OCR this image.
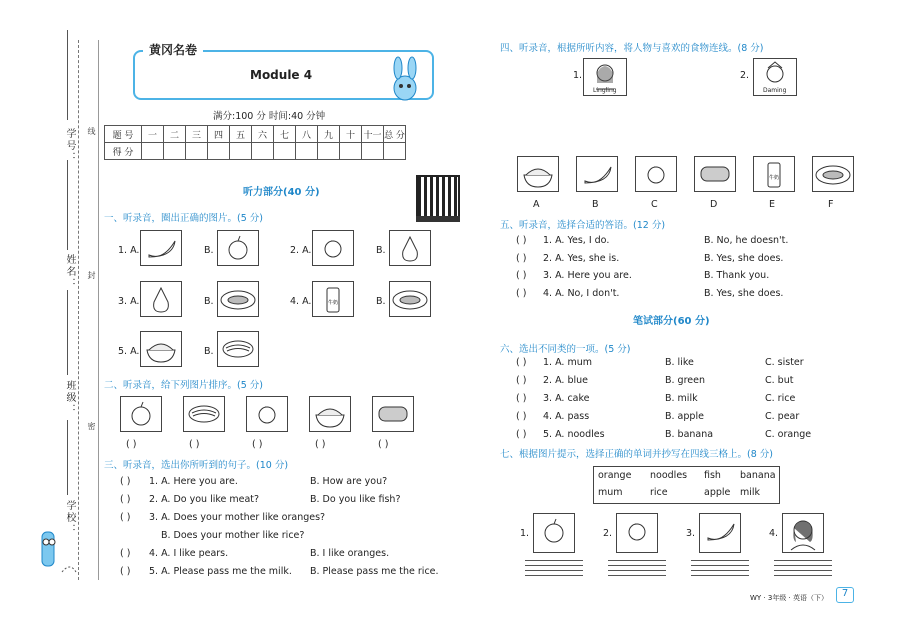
学号：
姓名：
班级：
学校：
线
封
密
黄冈名卷
Module 4
满分:100 分 时间:40 分钟
题 号	一	二	三	四	五	六	七	八	九	十	十一	总 分
得 分												
听力部分(40 分)
一、听录音，圈出正确的图片。(5 分)
1. A.	B.	2. A.	B.
3. A.	B.	4. A.	牛奶	B.
5. A.	B.
二、听录音，给下列图片排序。(5 分)
( )	( )	( )	( )	( )
三、听录音，选出你所听到的句子。(10 分)
( ) 1. A. Here you are.	B. How are you?
( ) 2. A. Do you like meat?	B. Do you like fish?
( ) 3. A. Does your mother like oranges?
B. Does your mother like rice?
( ) 4. A. I like pears.	B. I like oranges.
( ) 5. A. Please pass me the milk. B. Please pass me the rice.
四、听录音，根据所听内容，将人物与喜欢的食物连线。(8 分)
1.
Lingling
2.
Daming
A	B	C	D
牛奶
E	F
五、听录音，选择合适的答语。(12 分)
( ) 1. A. Yes, I do.	B. No, he doesn't.
( ) 2. A. Yes, she is.	B. Yes, she does.
( ) 3. A. Here you are.	B. Thank you.
( ) 4. A. No, I don't.	B. Yes, she does.
笔试部分(60 分)
六、选出不同类的一项。(5 分)
( ) 1. A. mum	B. like	C. sister
( ) 2. A. blue	B. green	C. but
( ) 3. A. cake	B. milk	C. rice
( ) 4. A. pass	B. apple	C. pear
( ) 5. A. noodles	B. banana	C. orange
七、根据图片提示，选择正确的单词并抄写在四线三格上。(8 分)
orange noodles fish banana
mum	rice	apple milk
1.	2.	3.	4.
WY · 3年级 · 英语（下）	7
